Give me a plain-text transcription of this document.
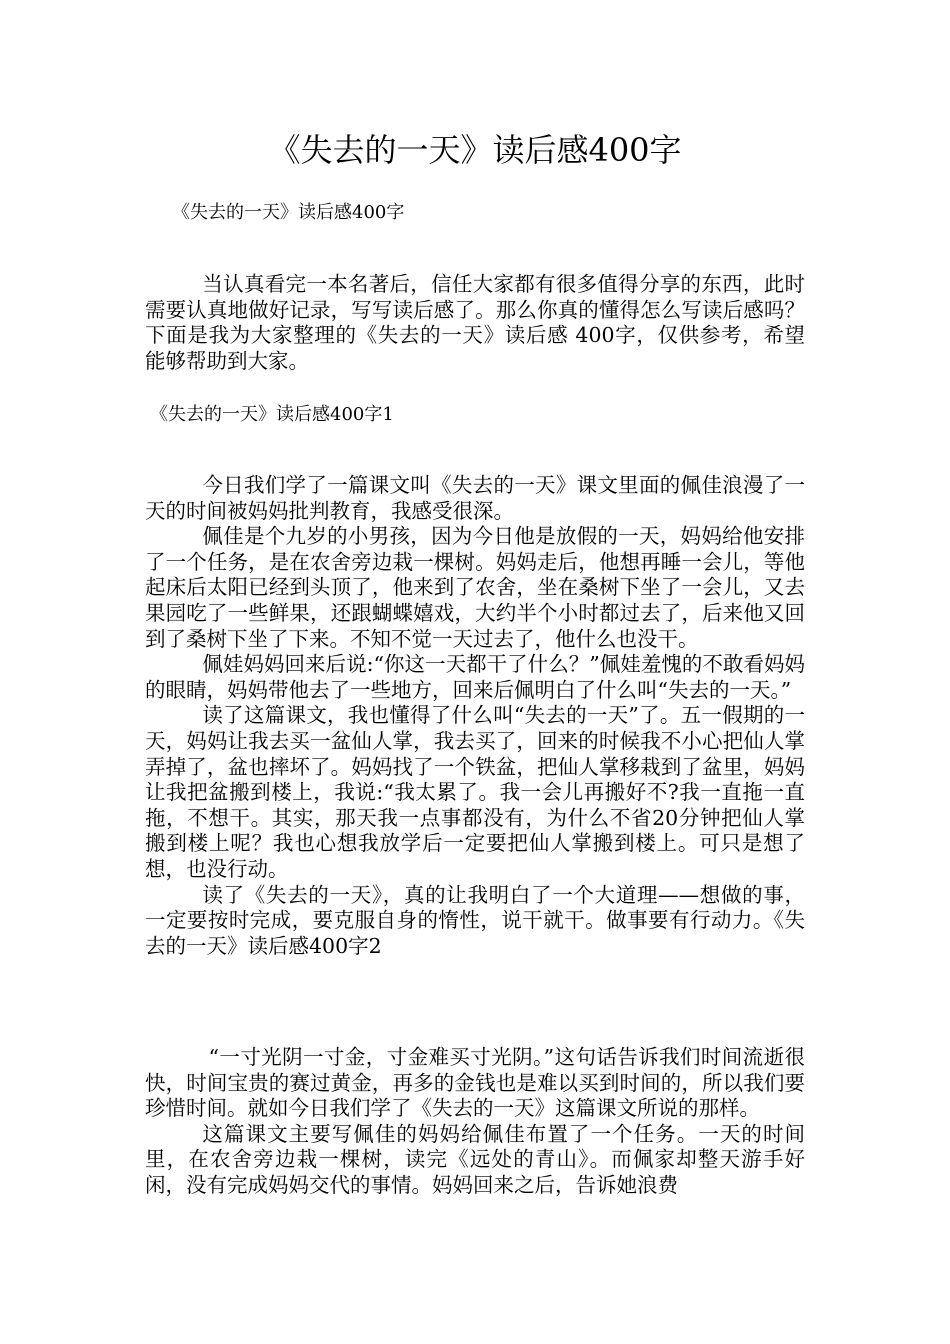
《失去的一天》读后感400字
《失去的一天》读后感400字

当认真看完一本名著后，信任大家都有很多值得分享的东西，此时需要认真地做好记录，写写读后感了。那么你真的懂得怎么写读后感吗？下面是我为大家整理的《失去的一天》读后感 400字，仅供参考，希望能够帮助到大家。

《失去的一天》读后感400字1

今日我们学了一篇课文叫《失去的一天》课文里面的佩佳浪漫了一天的时间被妈妈批判教育，我感受很深。

佩佳是个九岁的小男孩，因为今日他是放假的一天，妈妈给他安排了一个任务，是在农舍旁边栽一棵树。妈妈走后，他想再睡一会儿，等他起床后太阳已经到头顶了，他来到了农舍，坐在桑树下坐了一会儿，又去果园吃了一些鲜果，还跟蝴蝶嬉戏，大约半个小时都过去了，后来他又回到了桑树下坐了下来。不知不觉一天过去了，他什么也没干。

佩娃妈妈回来后说:“你这一天都干了什么？”佩娃羞愧的不敢看妈妈的眼睛，妈妈带他去了一些地方，回来后佩明白了什么叫“失去的一天。”

读了这篇课文，我也懂得了什么叫“失去的一天”了。五一假期的一天，妈妈让我去买一盆仙人掌，我去买了，回来的时候我不小心把仙人掌弄掉了，盆也摔坏了。妈妈找了一个铁盆，把仙人掌移栽到了盆里，妈妈让我把盆搬到楼上，我说:“我太累了。我一会儿再搬好不?我一直拖一直拖，不想干。其实，那天我一点事都没有，为什么不省20分钟把仙人掌搬到楼上呢？我也心想我放学后一定要把仙人掌搬到楼上。可只是想了想，也没行动。

读了《失去的一天》，真的让我明白了一个大道理——想做的事，一定要按时完成，要克服自身的惰性，说干就干。做事要有行动力。《失去的一天》读后感400字2

“一寸光阴一寸金，寸金难买寸光阴。”这句话告诉我们时间流逝很快，时间宝贵的赛过黄金，再多的金钱也是难以买到时间的，所以我们要珍惜时间。就如今日我们学了《失去的一天》这篇课文所说的那样。

这篇课文主要写佩佳的妈妈给佩佳布置了一个任务。一天的时间里，在农舍旁边栽一棵树，读完《远处的青山》。而佩家却整天游手好闲，没有完成妈妈交代的事情。妈妈回来之后，告诉她浪费
